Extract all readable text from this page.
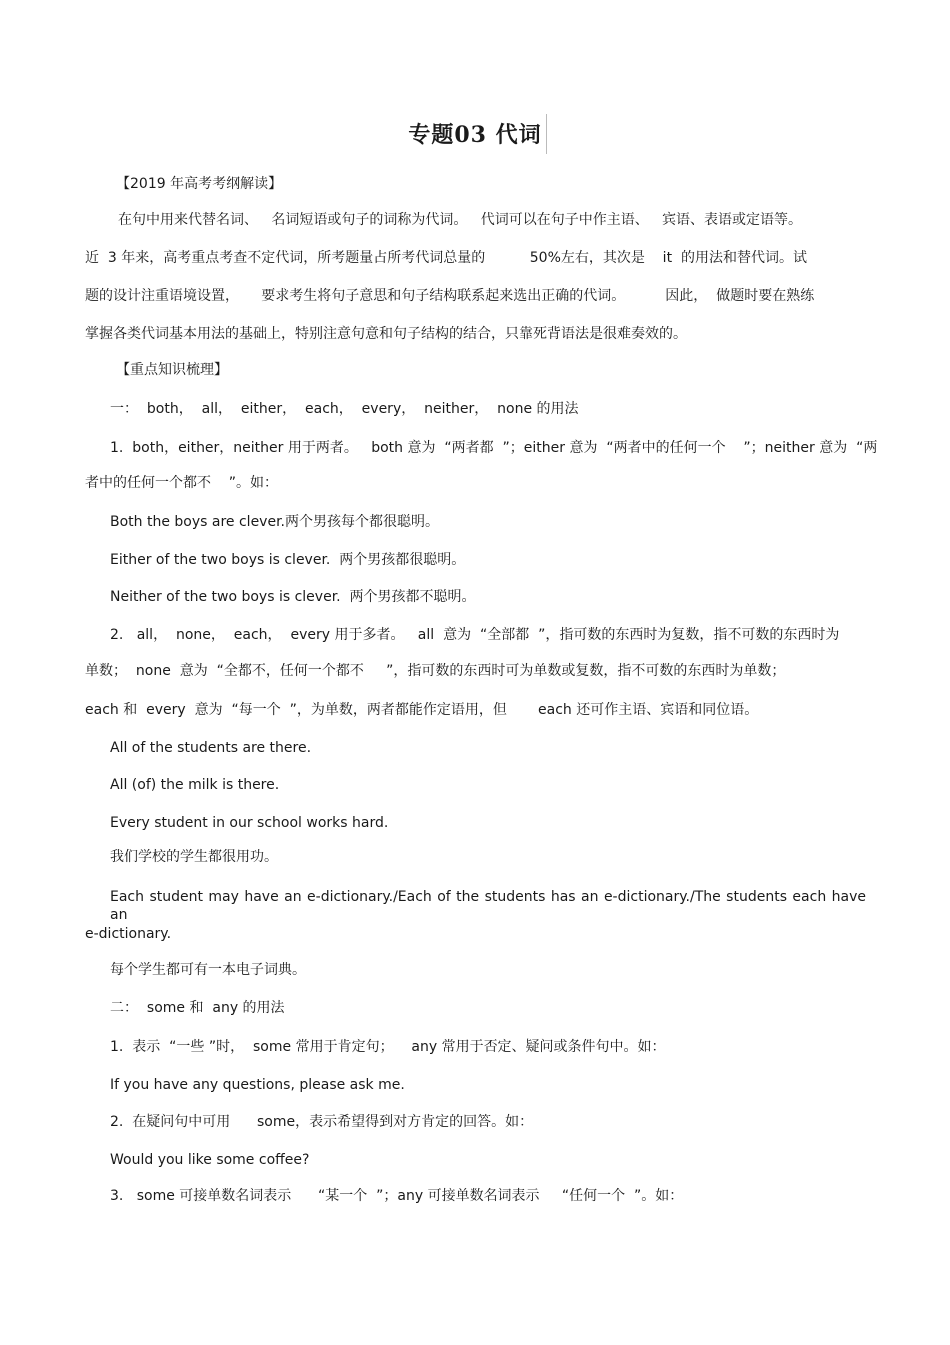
专题03 代词

【2019 年高考考纲解读】

在句中用来代替名词、   名词短语或句子的词称为代词。   代词可以在句子中作主语、   宾语、表语或定语等。

近  3 年来，高考重点考查不定代词，所考题量占所考代词总量的          50%左右，其次是    it  的用法和替代词。试

题的设计注重语境设置，     要求考生将句子意思和句子结构联系起来选出正确的代词。         因此，  做题时要在熟练

掌握各类代词基本用法的基础上，特别注意句意和句子结构的结合，只靠死背语法是很难奏效的。

【重点知识梳理】

一：  both，  all，  either，  each，  every，  neither，  none 的用法

1.  both，either，neither 用于两者。   both 意为  “两者都  ”；either 意为  “两者中的任何一个    ”；neither 意为  “两

者中的任何一个都不    ”。如：

Both the boys are clever.两个男孩每个都很聪明。

Either of the two boys is clever.  两个男孩都很聪明。

Neither of the two boys is clever.  两个男孩都不聪明。

2.   all，  none，  each，  every 用于多者。   all  意为  “全部都  ”，指可数的东西时为复数，指不可数的东西时为

单数；  none  意为  “全都不，任何一个都不     ”，指可数的东西时可为单数或复数，指不可数的东西时为单数；

each 和  every  意为  “每一个  ”，为单数，两者都能作定语用，但       each 还可作主语、宾语和同位语。

All of the students are there.

All (of) the milk is there.

Every student in our school works hard.

我们学校的学生都很用功。

Each student may have an e-dictionary./Each of the students has an e-dictionary./The students each have an

e-dictionary.

每个学生都可有一本电子词典。

二：  some 和  any 的用法

1.  表示  “一些 ”时，  some 常用于肯定句；    any 常用于否定、疑问或条件句中。如：

If you have any questions, please ask me.

2.  在疑问句中可用      some，表示希望得到对方肯定的回答。如：

Would you like some coffee?

3.   some 可接单数名词表示      “某一个  ”；any 可接单数名词表示     “任何一个  ”。如：
